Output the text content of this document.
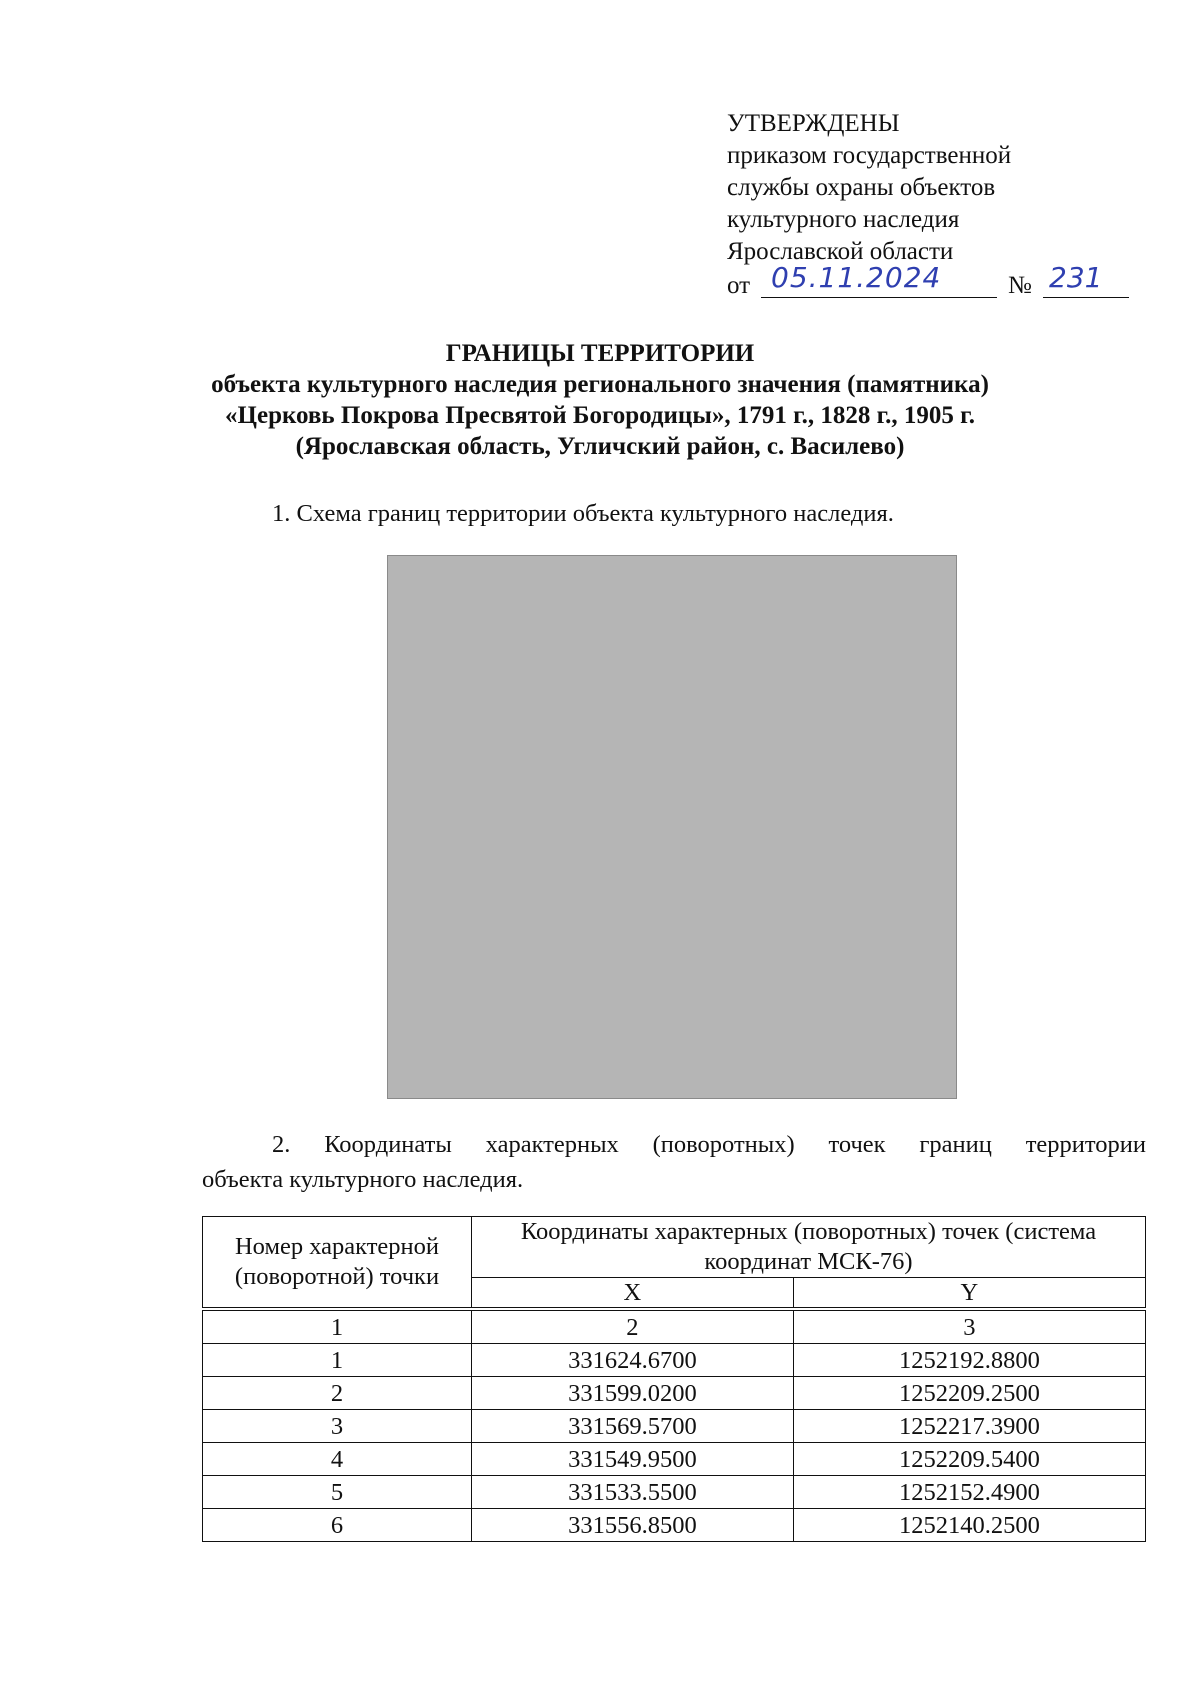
УТВЕРЖДЕНЫ
приказом государственной
службы охраны объектов
культурного наследия
Ярославской области
от 05.11.2024	№ 231
ГРАНИЦЫ ТЕРРИТОРИИ
объекта культурного наследия регионального значения (памятника)
«Церковь Покрова Пресвятой Богородицы», 1791 г., 1828 г., 1905 г.
(Ярославская область, Угличский район, с. Василево)
1. Схема границ территории объекта культурного наследия.
2. Координаты характерных (поворотных) точек границ территории
объекта культурного наследия.
Номер характерной (поворотной) точки	Координаты характерных (поворотных) точек (система координат МСК-76)	
	X	Y
1	2	3
1	331624.6700	1252192.8800
2	331599.0200	1252209.2500
3	331569.5700	1252217.3900
4	331549.9500	1252209.5400
5	331533.5500	1252152.4900
6	331556.8500	1252140.2500
